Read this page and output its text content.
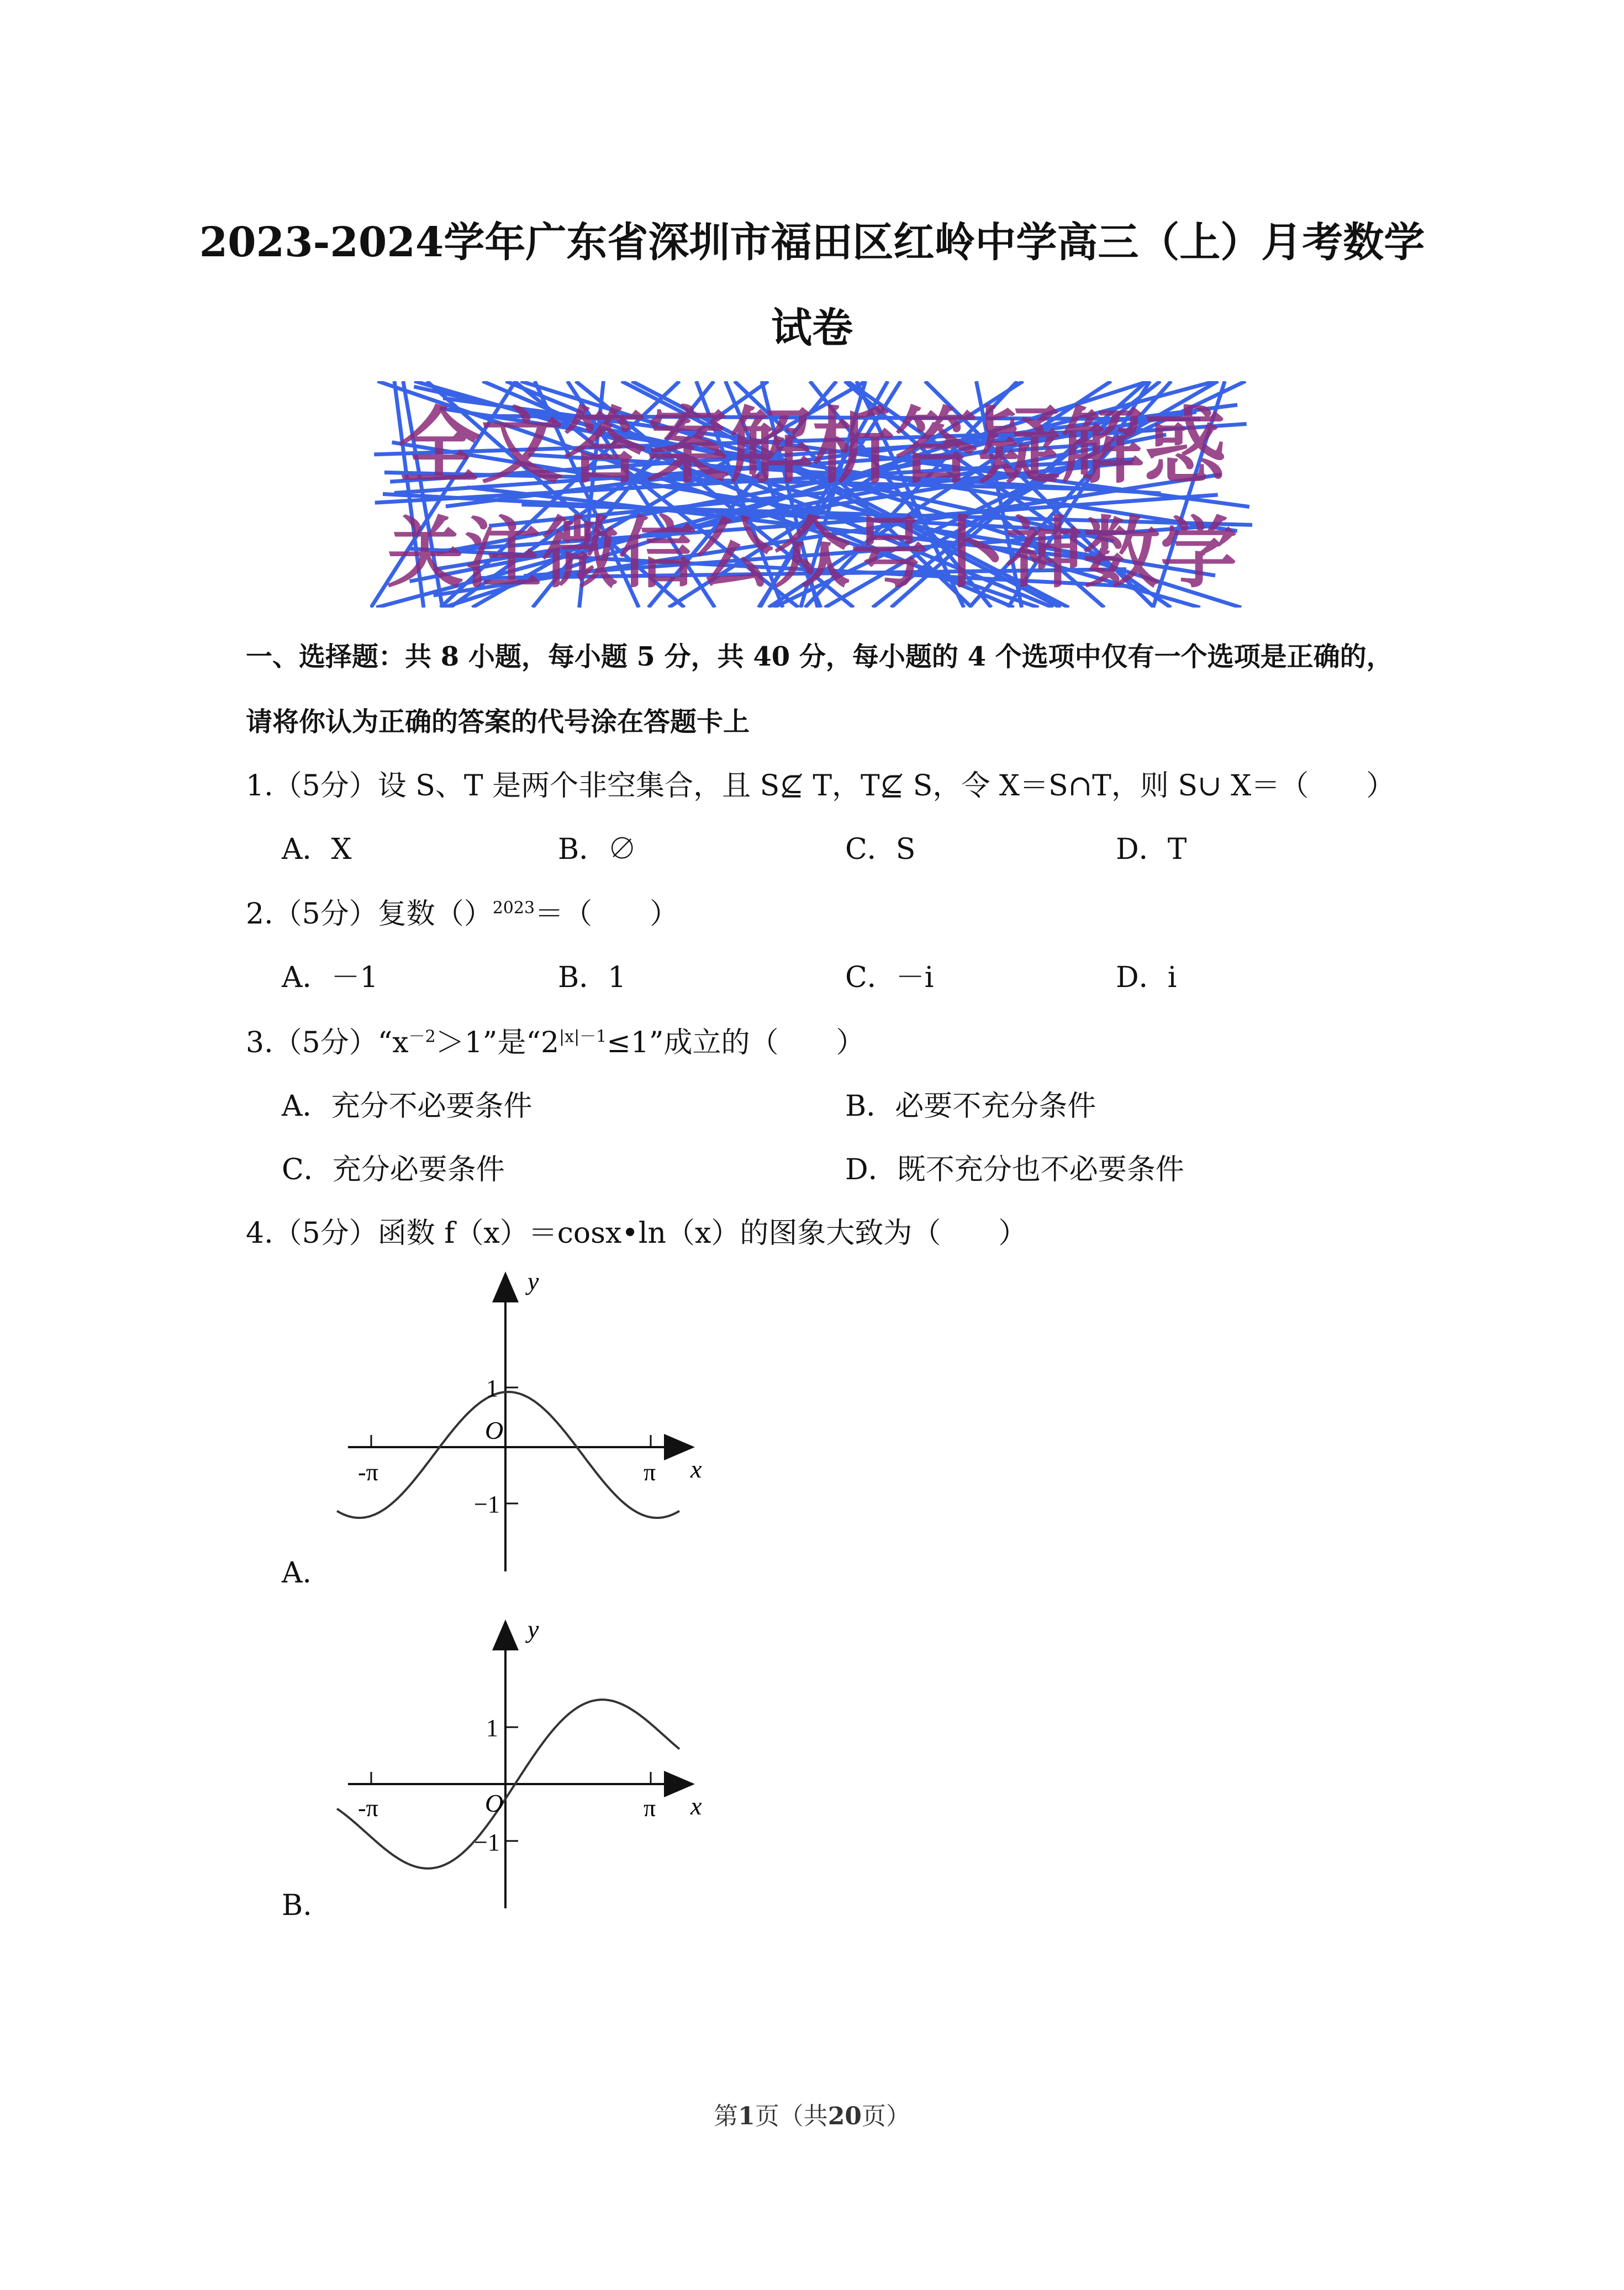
2023-2024学年广东省深圳市福田区红岭中学高三（上）月考数学
试卷
全文答案解析答疑解惑
关注微信公众号卜神数学
一、选择题：共 8 小题，每小题 5 分，共 40 分，每小题的 4 个选项中仅有一个选项是正确的，
请将你认为正确的答案的代号涂在答题卡上
1.（5分）设 S、T 是两个非空集合，且 S⊈ T，T⊈ S，令 X＝S∩T，则 S∪ X＝（　　）
A．X	B．∅	C．S	D．T
2.（5分）复数（）$^{2023}$＝（　　）
A．－1	B．1	C．－i	D．i
3.（5分）“$x^{-2}>1$”是“$2^{|x|-1}\le 1$”成立的（　　）
A．充分不必要条件	B．必要不充分条件
C．充分必要条件	D．既不充分也不必要条件
4.（5分）函数 f（x）＝cosx•ln（x）的图象大致为（　　）
y
x
O
1
−1
-π	π
A.
y
x
O
1
−1
-π	π
B.
第1页（共20页）
